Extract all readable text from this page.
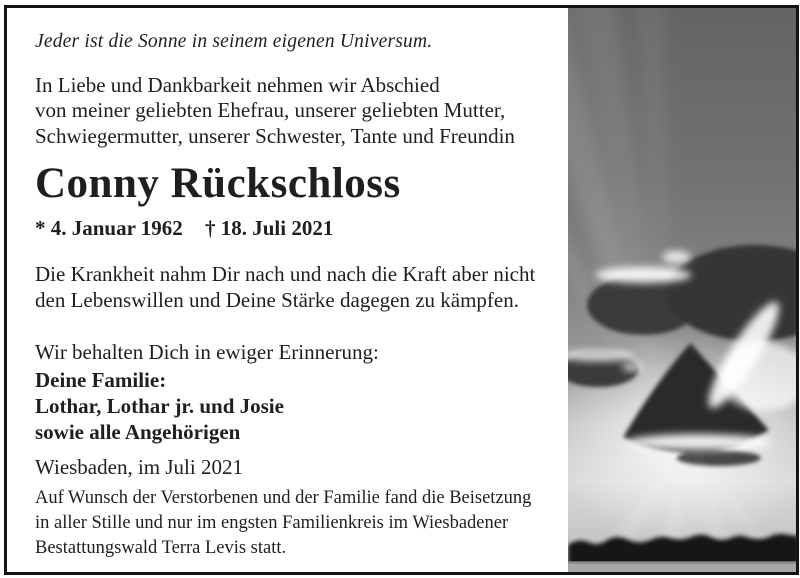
Jeder ist die Sonne in seinem eigenen Universum.
In Liebe und Dankbarkeit nehmen wir Abschied
von meiner geliebten Ehefrau, unserer geliebten Mutter,
Schwiegermutter, unserer Schwester, Tante und Freundin
Conny Rückschloss
* 4. Januar 1962 † 18. Juli 2021
Die Krankheit nahm Dir nach und nach die Kraft aber nicht
den Lebenswillen und Deine Stärke dagegen zu kämpfen.
Wir behalten Dich in ewiger Erinnerung:
Deine Familie:
Lothar, Lothar jr. und Josie
sowie alle Angehörigen
Wiesbaden, im Juli 2021
Auf Wunsch der Verstorbenen und der Familie fand die Beisetzung
in aller Stille und nur im engsten Familienkreis im Wiesbadener
Bestattungswald Terra Levis statt.
